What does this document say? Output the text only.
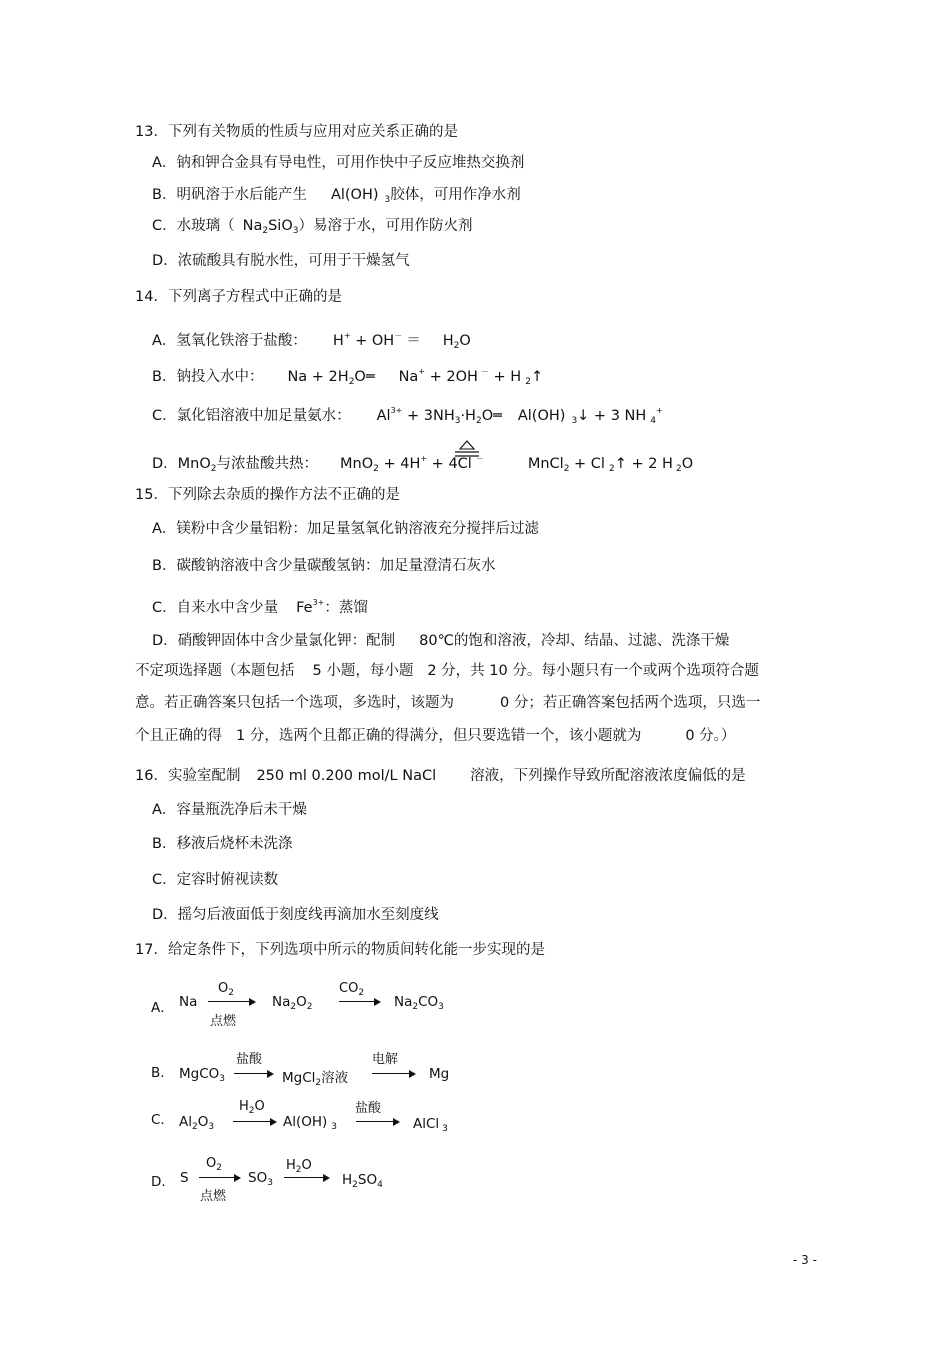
13．下列有关物质的性质与应用对应关系正确的是
A．钠和钾合金具有导电性，可用作快中子反应堆热交换剂
B．明矾溶于水后能产生 Al(OH) $_3$胶体，可用作净水剂
C．水玻璃（ $Na_2SiO_3$）易溶于水，可用作防火剂
D．浓硫酸具有脱水性，可用于干燥氢气
14．下列离子方程式中正确的是
A．氢氧化铁溶于盐酸： $H^+ + OH^- = H_2O$
B．钠投入水中： $Na + 2H_2O═$ Na+ + 2OH － + H $_2$↑
C．氯化铝溶液中加足量氨水： $Al^{3+}$ + $3NH_3\cdot H_2O═$ Al(OH) $_3$↓ + 3 NH $_4$+
D．MnO$_2$与浓盐酸共热： MnO$_2$ + 4H+ + 4Cl －	MnCl$_2$ + Cl $_2$↑ + 2 H $_2$O
15．下列除去杂质的操作方法不正确的是
A．镁粉中含少量铝粉：加足量氢氧化钠溶液充分搅拌后过滤
B．碳酸钠溶液中含少量碳酸氢钠：加足量澄清石灰水
C．自来水中含少量 $Fe^{3+}$：蒸馏
D．硝酸钾固体中含少量氯化钾：配制 80℃的饱和溶液，冷却、结晶、过滤、洗涤干燥
不定项选择题（本题包括 5 小题，每小题 2 分，共 10 分。每小题只有一个或两个选项符合题
意。若正确答案只包括一个选项，多选时，该题为	0 分；若正确答案包括两个选项，只选一
个且正确的得 1 分，选两个且都正确的得满分，但只要选错一个，该小题就为	0 分。）
16．实验室配制 250 ml 0.200 mol/L NaCl 溶液，下列操作导致所配溶液浓度偏低的是
A．容量瓶洗净后未干燥
B．移液后烧杯未洗涤
C．定容时俯视读数
D．摇匀后液面低于刻度线再滴加水至刻度线
17．给定条件下，下列选项中所示的物质间转化能一步实现的是
A． Na
$O_2$
点燃
$Na_2O_2$
$CO_2$
$Na_2CO_3$
B． MgCO$_3$
盐酸
MgCl$_2$溶液
电解
Mg
C． $Al_2O_3$
$H_2O$
Al(OH) $_3$
盐酸
AlCl $_3$
D． S
$O_2$
点燃
$SO_3$
$H_2O$
$H_2SO_4$
- 3 -
